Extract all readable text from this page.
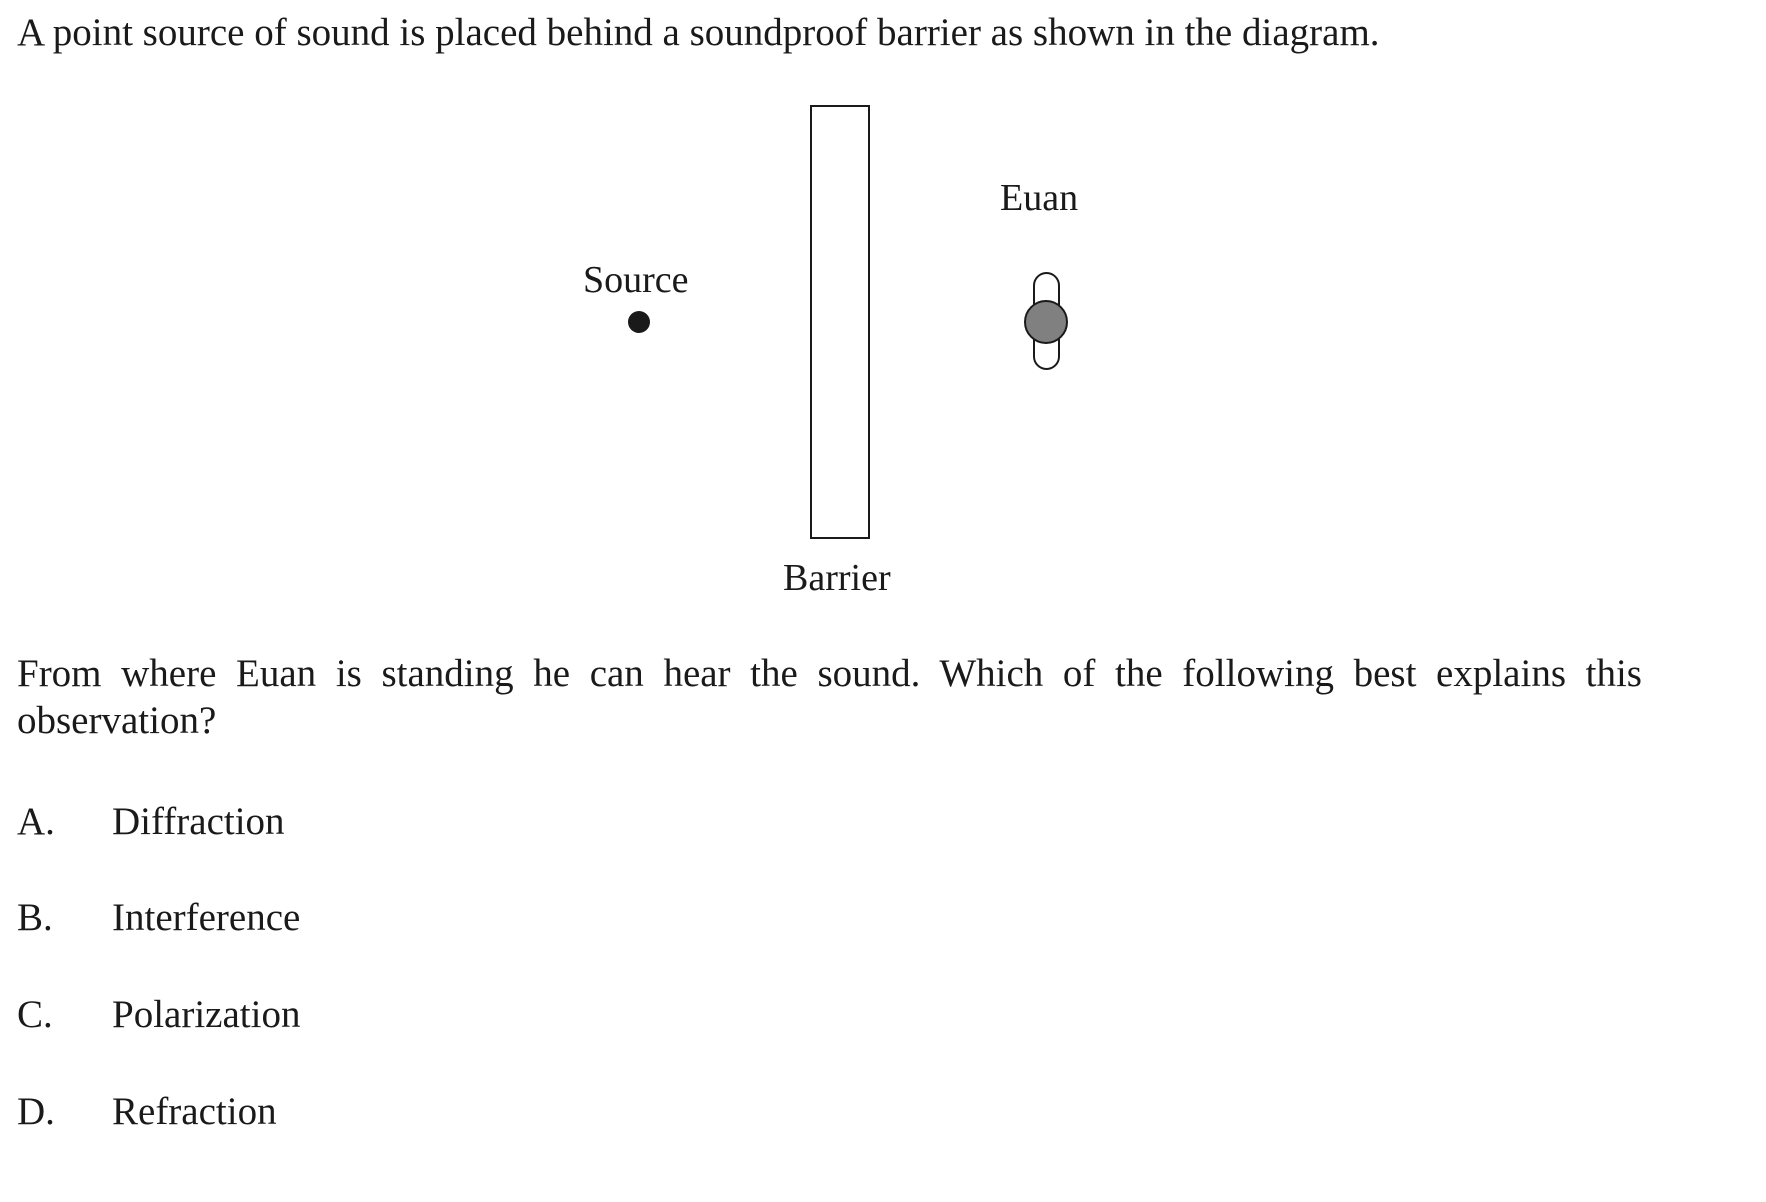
A point source of sound is placed behind a soundproof barrier as shown in the diagram.
Source
Euan
Barrier
From where Euan is standing he can hear the sound. Which of the following best explains this observation?
A. Diffraction
B. Interference
C. Polarization
D. Refraction
